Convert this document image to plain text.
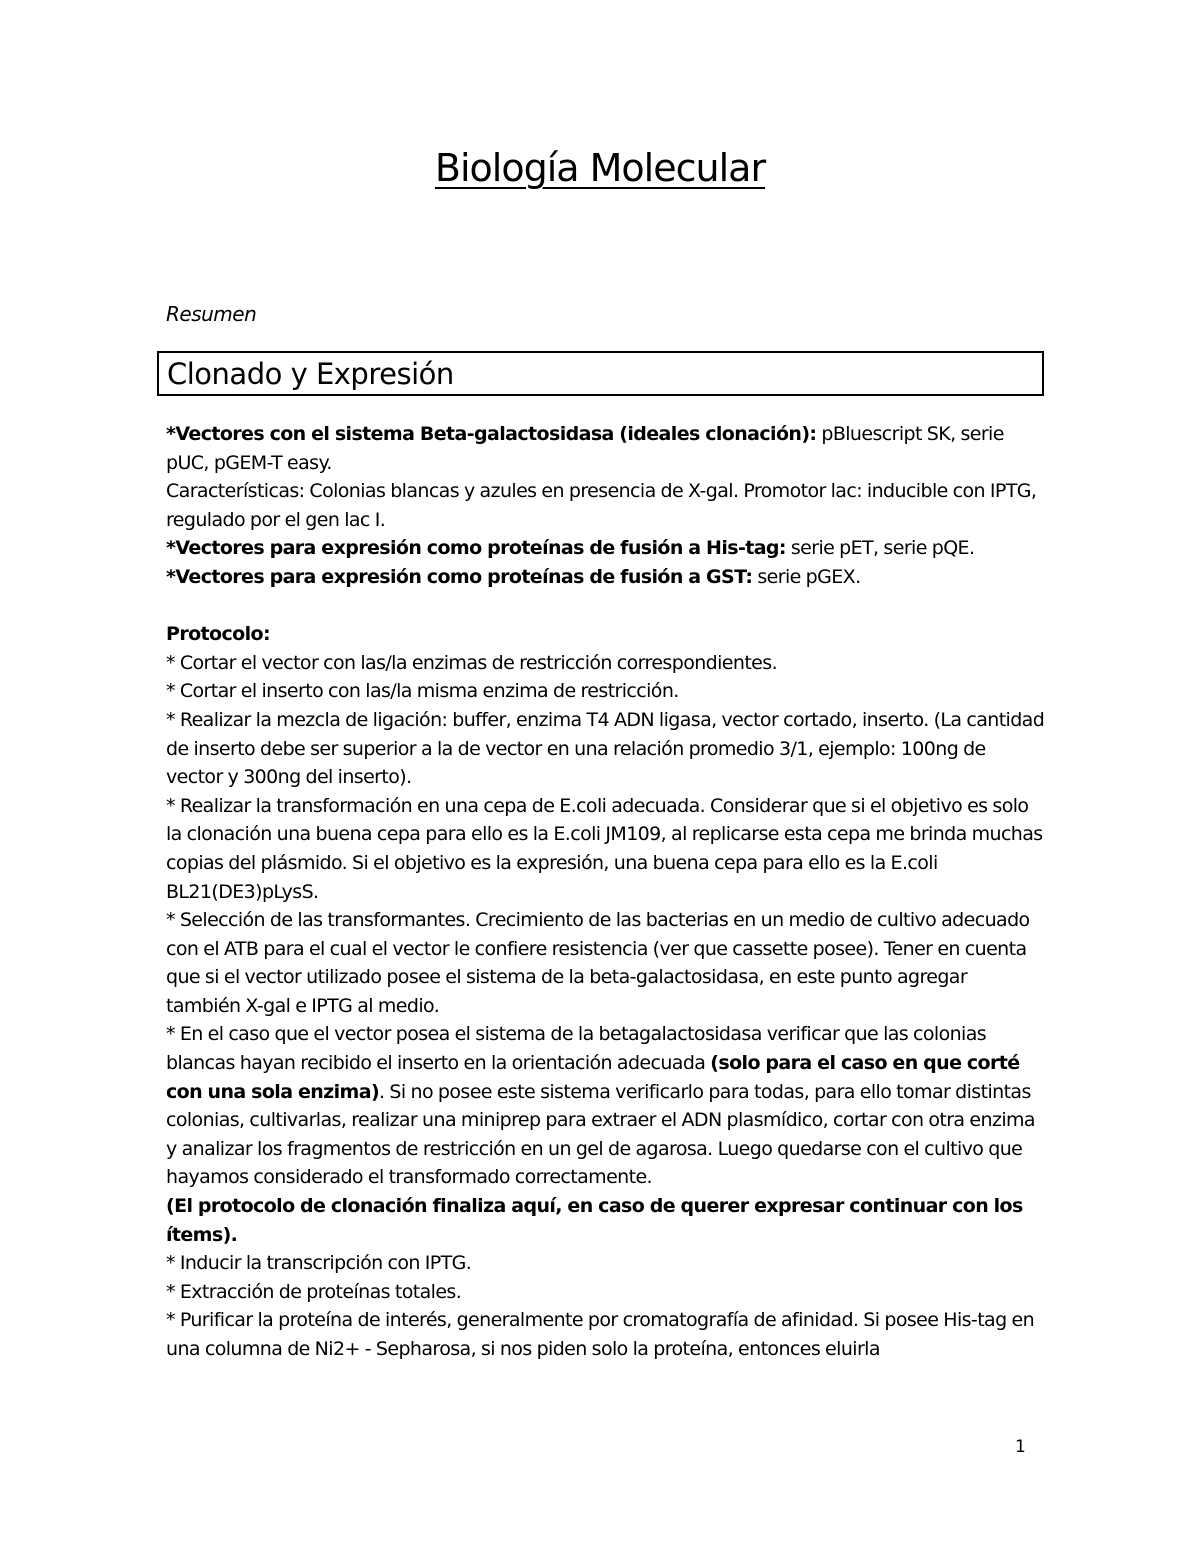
Biología Molecular
Resumen
Clonado y Expresión

*Vectores con el sistema Beta-galactosidasa (ideales clonación): pBluescript SK, serie pUC, pGEM-T easy.

Características: Colonias blancas y azules en presencia de X-gal. Promotor lac: inducible con IPTG, regulado por el gen lac I.

*Vectores para expresión como proteínas de fusión a His-tag: serie pET, serie pQE.

*Vectores para expresión como proteínas de fusión a GST: serie pGEX.

Protocolo:

* Cortar el vector con las/la enzimas de restricción correspondientes.

* Cortar el inserto con las/la misma enzima de restricción.

* Realizar la mezcla de ligación: buffer, enzima T4 ADN ligasa, vector cortado, inserto. (La cantidad de inserto debe ser superior a la de vector en una relación promedio 3/1, ejemplo: 100ng de vector y 300ng del inserto).

* Realizar la transformación en una cepa de E.coli adecuada. Considerar que si el objetivo es solo la clonación una buena cepa para ello es la E.coli JM109, al replicarse esta cepa me brinda muchas copias del plásmido. Si el objetivo es la expresión, una buena cepa para ello es la E.coli BL21(DE3)pLysS.

* Selección de las transformantes. Crecimiento de las bacterias en un medio de cultivo adecuado con el ATB para el cual el vector le confiere resistencia (ver que cassette posee). Tener en cuenta que si el vector utilizado posee el sistema de la beta-galactosidasa, en este punto agregar también X-gal e IPTG al medio.

* En el caso que el vector posea el sistema de la betagalactosidasa verificar que las colonias blancas hayan recibido el inserto en la orientación adecuada (solo para el caso en que corté con una sola enzima). Si no posee este sistema verificarlo para todas, para ello tomar distintas colonias, cultivarlas, realizar una miniprep para extraer el ADN plasmídico, cortar con otra enzima y analizar los fragmentos de restricción en un gel de agarosa. Luego quedarse con el cultivo que hayamos considerado el transformado correctamente.

(El protocolo de clonación finaliza aquí, en caso de querer expresar continuar con los ítems).

* Inducir la transcripción con IPTG.

* Extracción de proteínas totales.

* Purificar la proteína de interés, generalmente por cromatografía de afinidad. Si posee His-tag en una columna de Ni2+ - Sepharosa, si nos piden solo la proteína, entonces eluirla

1
